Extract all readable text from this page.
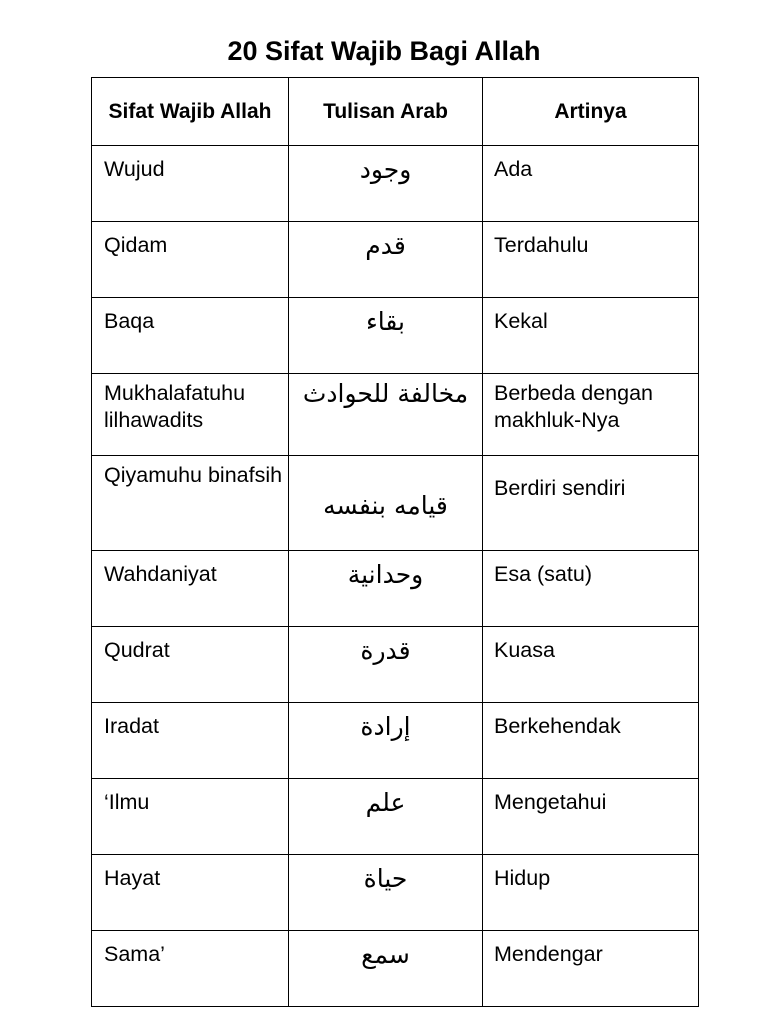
20 Sifat Wajib Bagi Allah
Sifat Wajib Allah	Tulisan Arab	Artinya
Wujud	وجود	Ada
Qidam	قدم	Terdahulu
Baqa	بقاء	Kekal
Mukhalafatuhu lilhawadits	مخالفة للحوادث	Berbeda dengan makhluk-Nya
Qiyamuhu binafsih	قيامه بنفسه	Berdiri sendiri
Wahdaniyat	وحدانية	Esa (satu)
Qudrat	قدرة	Kuasa
Iradat	إرادة	Berkehendak
‘Ilmu	علم	Mengetahui
Hayat	حياة	Hidup
Sama’	سمع	Mendengar
